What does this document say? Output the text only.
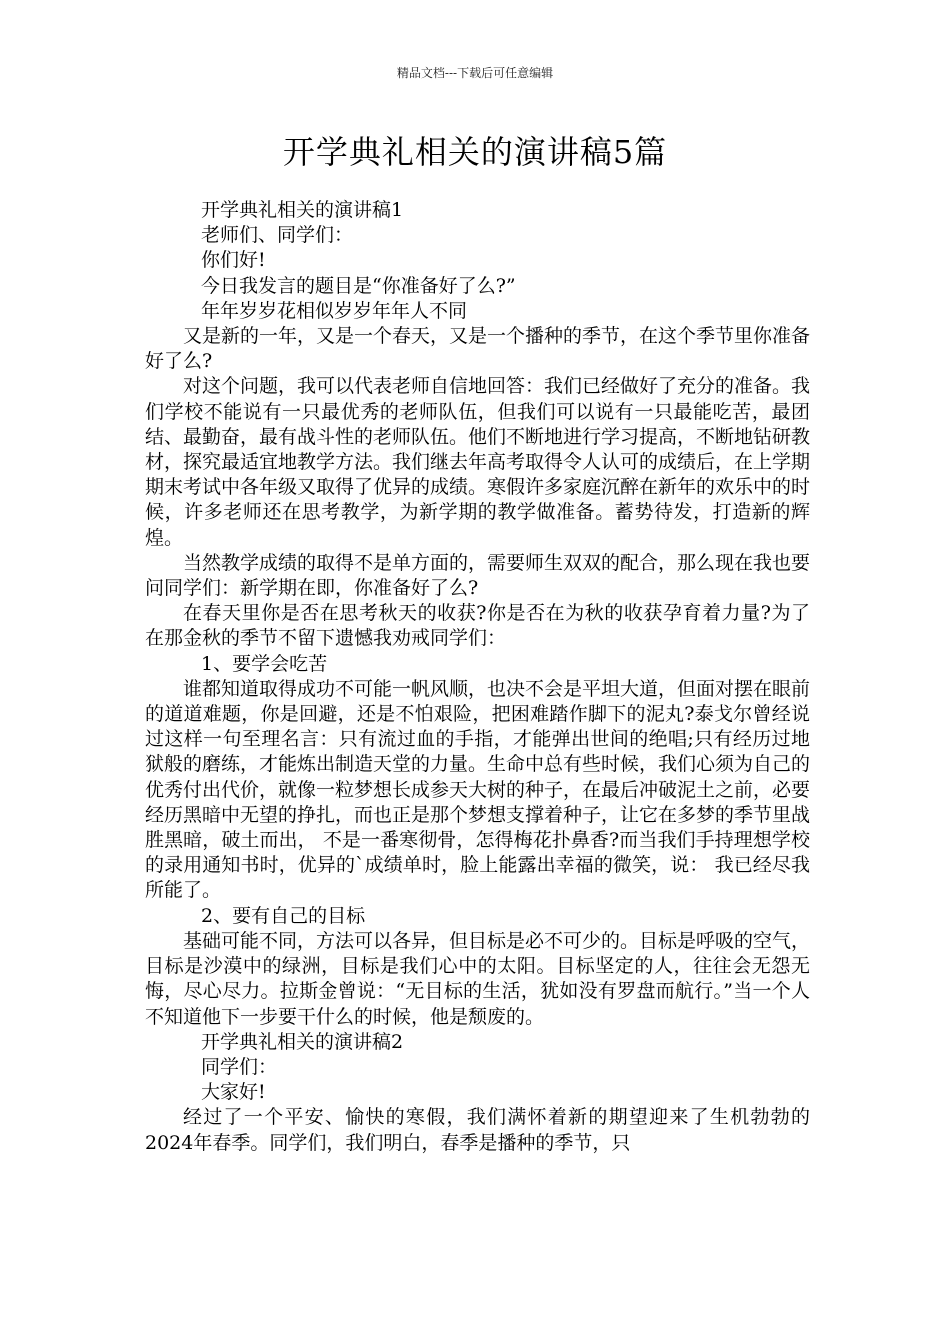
精品文档---下载后可任意编辑
开学典礼相关的演讲稿5篇

开学典礼相关的演讲稿1

老师们、同学们：

你们好!

今日我发言的题目是“你准备好了么?”

年年岁岁花相似岁岁年年人不同

又是新的一年，又是一个春天，又是一个播种的季节，在这个季节里你准备好了么?

对这个问题，我可以代表老师自信地回答：我们已经做好了充分的准备。我们学校不能说有一只最优秀的老师队伍，但我们可以说有一只最能吃苦，最团结、最勤奋，最有战斗性的老师队伍。他们不断地进行学习提高，不断地钻研教材，探究最适宜地教学方法。我们继去年高考取得令人认可的成绩后，在上学期期末考试中各年级又取得了优异的成绩。寒假许多家庭沉醉在新年的欢乐中的时候，许多老师还在思考教学，为新学期的教学做准备。蓄势待发，打造新的辉煌。

当然教学成绩的取得不是单方面的，需要师生双双的配合，那么现在我也要问同学们：新学期在即，你准备好了么?

在春天里你是否在思考秋天的收获?你是否在为秋的收获孕育着力量?为了在那金秋的季节不留下遗憾我劝戒同学们：

1、要学会吃苦

谁都知道取得成功不可能一帆风顺，也决不会是平坦大道，但面对摆在眼前的道道难题，你是回避，还是不怕艰险，把困难踏作脚下的泥丸?泰戈尔曾经说过这样一句至理名言：只有流过血的手指，才能弹出世间的绝唱;只有经历过地狱般的磨练，才能炼出制造天堂的力量。生命中总有些时候，我们心须为自己的优秀付出代价，就像一粒梦想长成参天大树的种子，在最后冲破泥土之前，必要经历黑暗中无望的挣扎，而也正是那个梦想支撑着种子，让它在多梦的季节里战胜黑暗，破土而出， 不是一番寒彻骨，怎得梅花扑鼻香?而当我们手持理想学校的录用通知书时，优异的`成绩单时，脸上能露出幸福的微笑，说： 我已经尽我所能了。

2、要有自己的目标

基础可能不同，方法可以各异，但目标是必不可少的。目标是呼吸的空气，目标是沙漠中的绿洲，目标是我们心中的太阳。目标坚定的人，往往会无怨无悔，尽心尽力。拉斯金曾说：“无目标的生活，犹如没有罗盘而航行。”当一个人不知道他下一步要干什么的时候，他是颓废的。

开学典礼相关的演讲稿2

同学们：

大家好!

经过了一个平安、愉快的寒假，我们满怀着新的期望迎来了生机勃勃的2024年春季。同学们，我们明白，春季是播种的季节，只
